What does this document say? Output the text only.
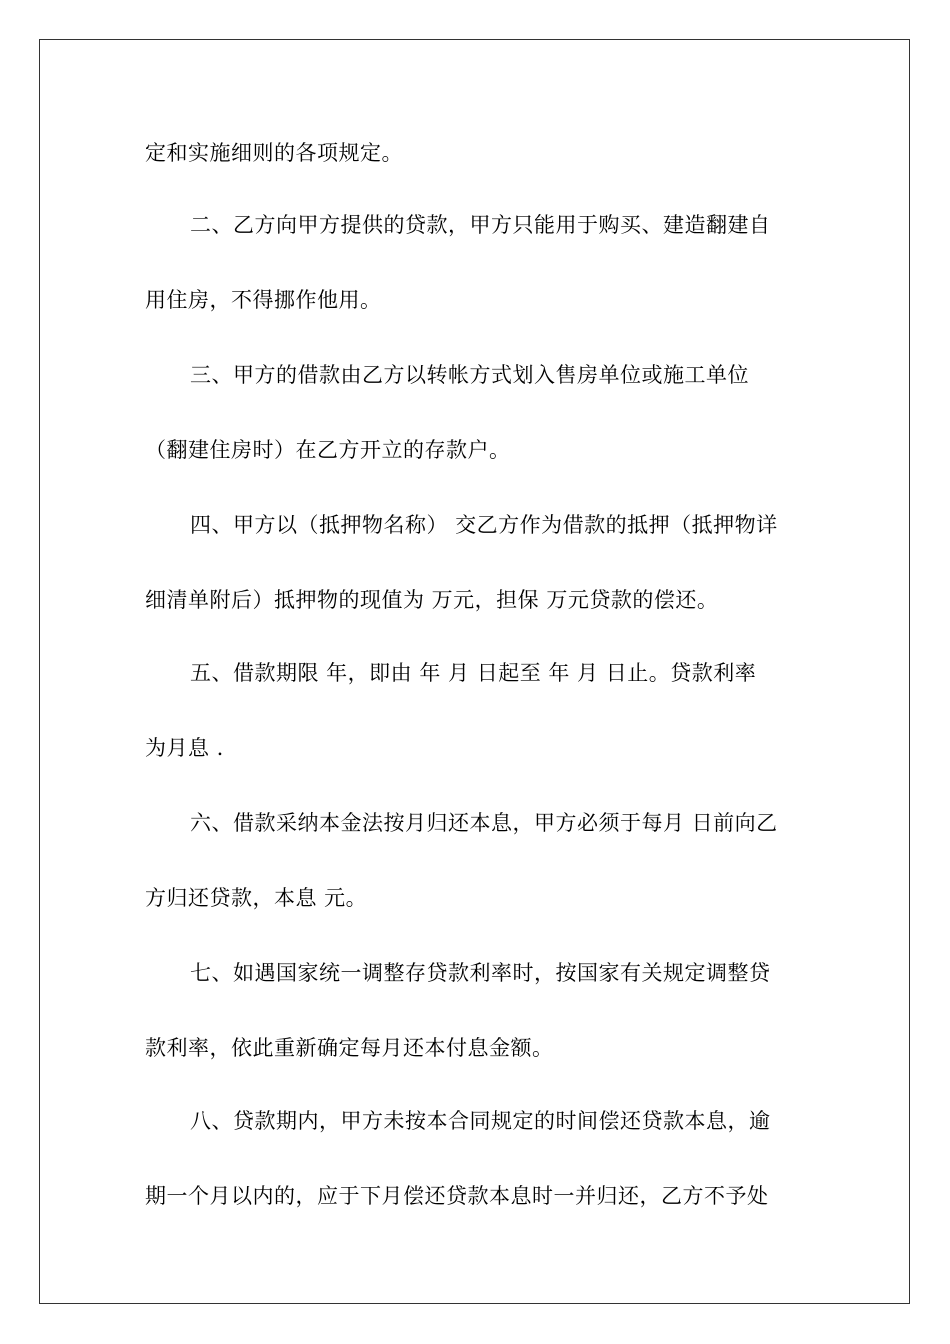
定和实施细则的各项规定。
二、乙方向甲方提供的贷款，甲方只能用于购买、建造翻建自
用住房，不得挪作他用。
三、甲方的借款由乙方以转帐方式划入售房单位或施工单位
（翻建住房时）在乙方开立的存款户。
四、甲方以（抵押物名称） 交乙方作为借款的抵押（抵押物详
细清单附后）抵押物的现值为 万元，担保 万元贷款的偿还。
五、借款期限 年，即由 年 月 日起至 年 月 日止。贷款利率
为月息 .
六、借款采纳本金法按月归还本息，甲方必须于每月 日前向乙
方归还贷款，本息 元。
七、如遇国家统一调整存贷款利率时，按国家有关规定调整贷
款利率，依此重新确定每月还本付息金额。
八、贷款期内，甲方未按本合同规定的时间偿还贷款本息，逾
期一个月以内的，应于下月偿还贷款本息时一并归还，乙方不予处
